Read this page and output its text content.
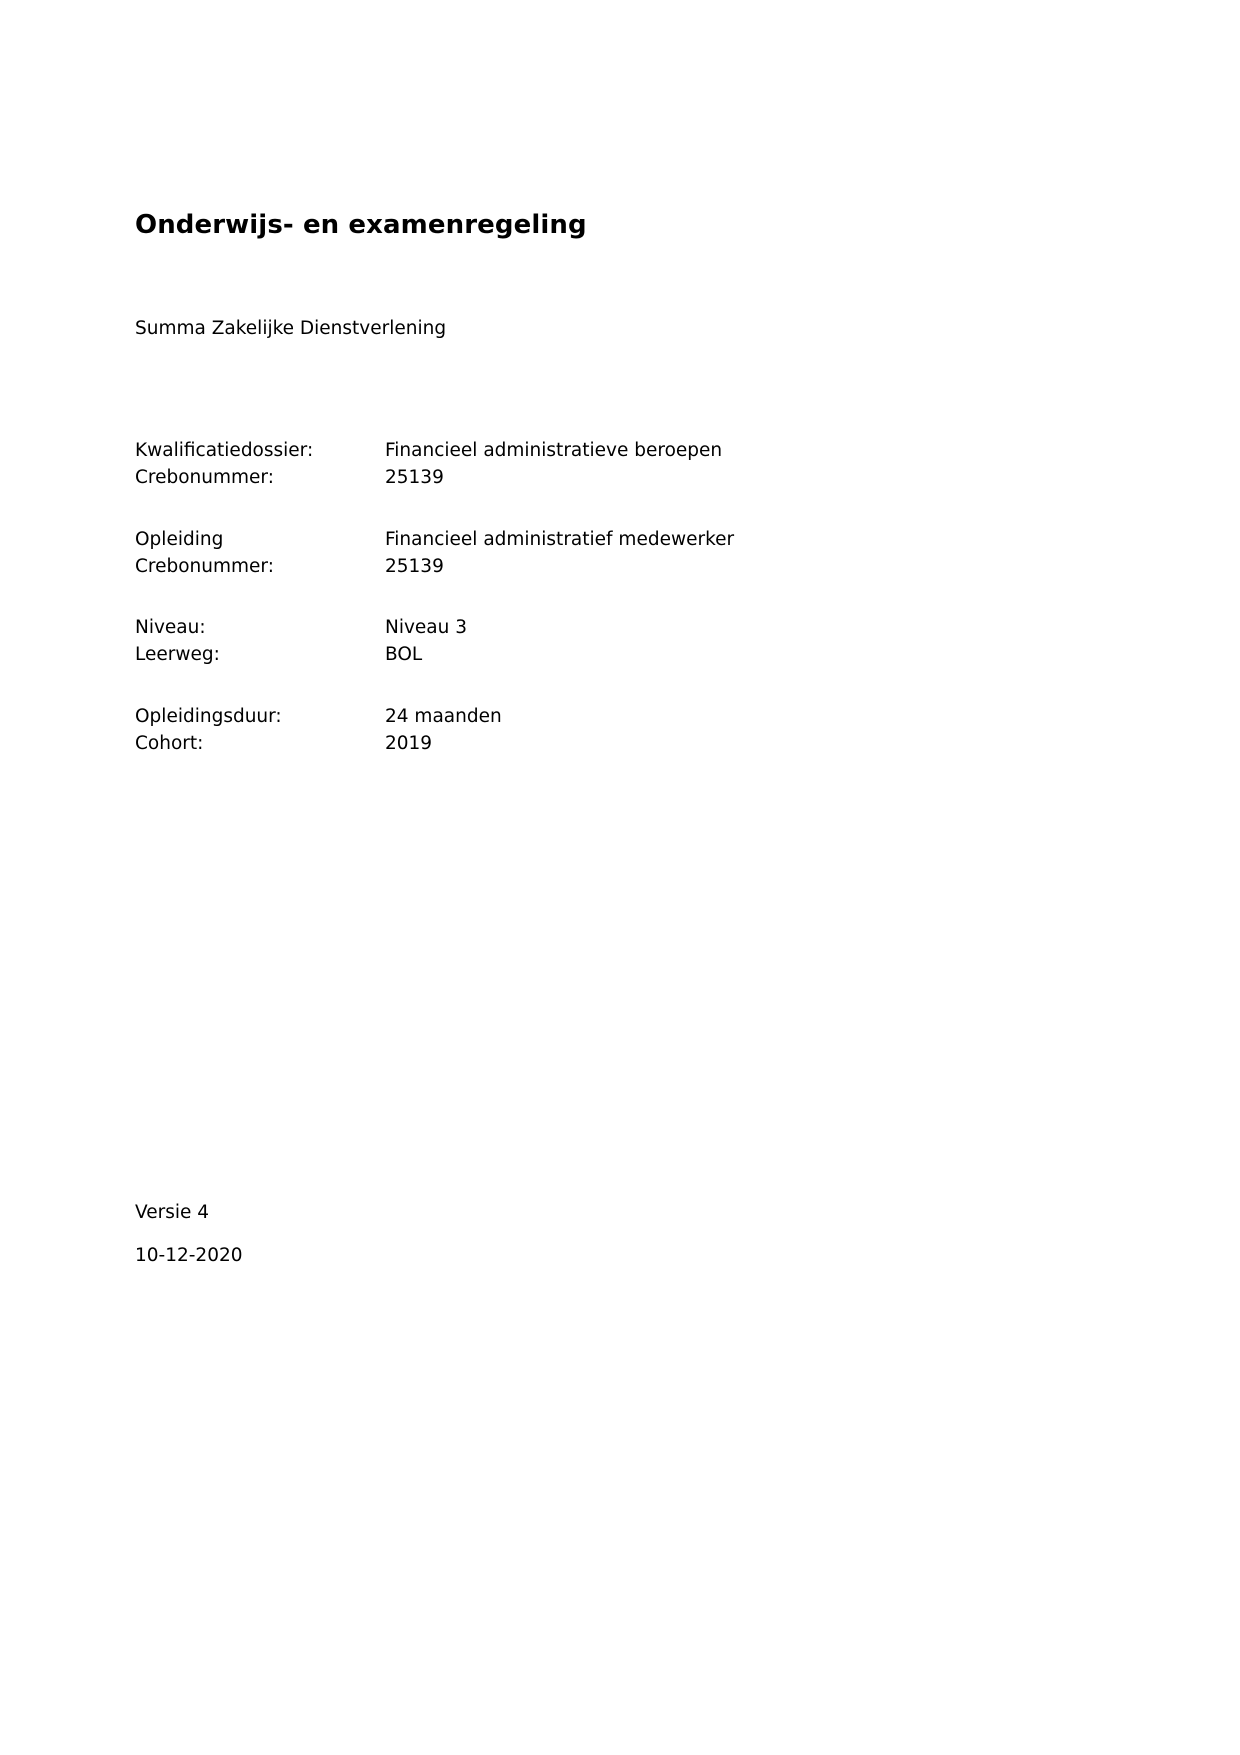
Onderwijs- en examenregeling
Summa Zakelijke Dienstverlening
Kwalificatiedossier:	Financieel administratieve beroepen
Crebonummer:	25139
Opleiding	Financieel administratief medewerker
Crebonummer:	25139
Niveau:	Niveau 3
Leerweg:	BOL
Opleidingsduur:	24 maanden
Cohort:	2019
Versie 4
10-12-2020
